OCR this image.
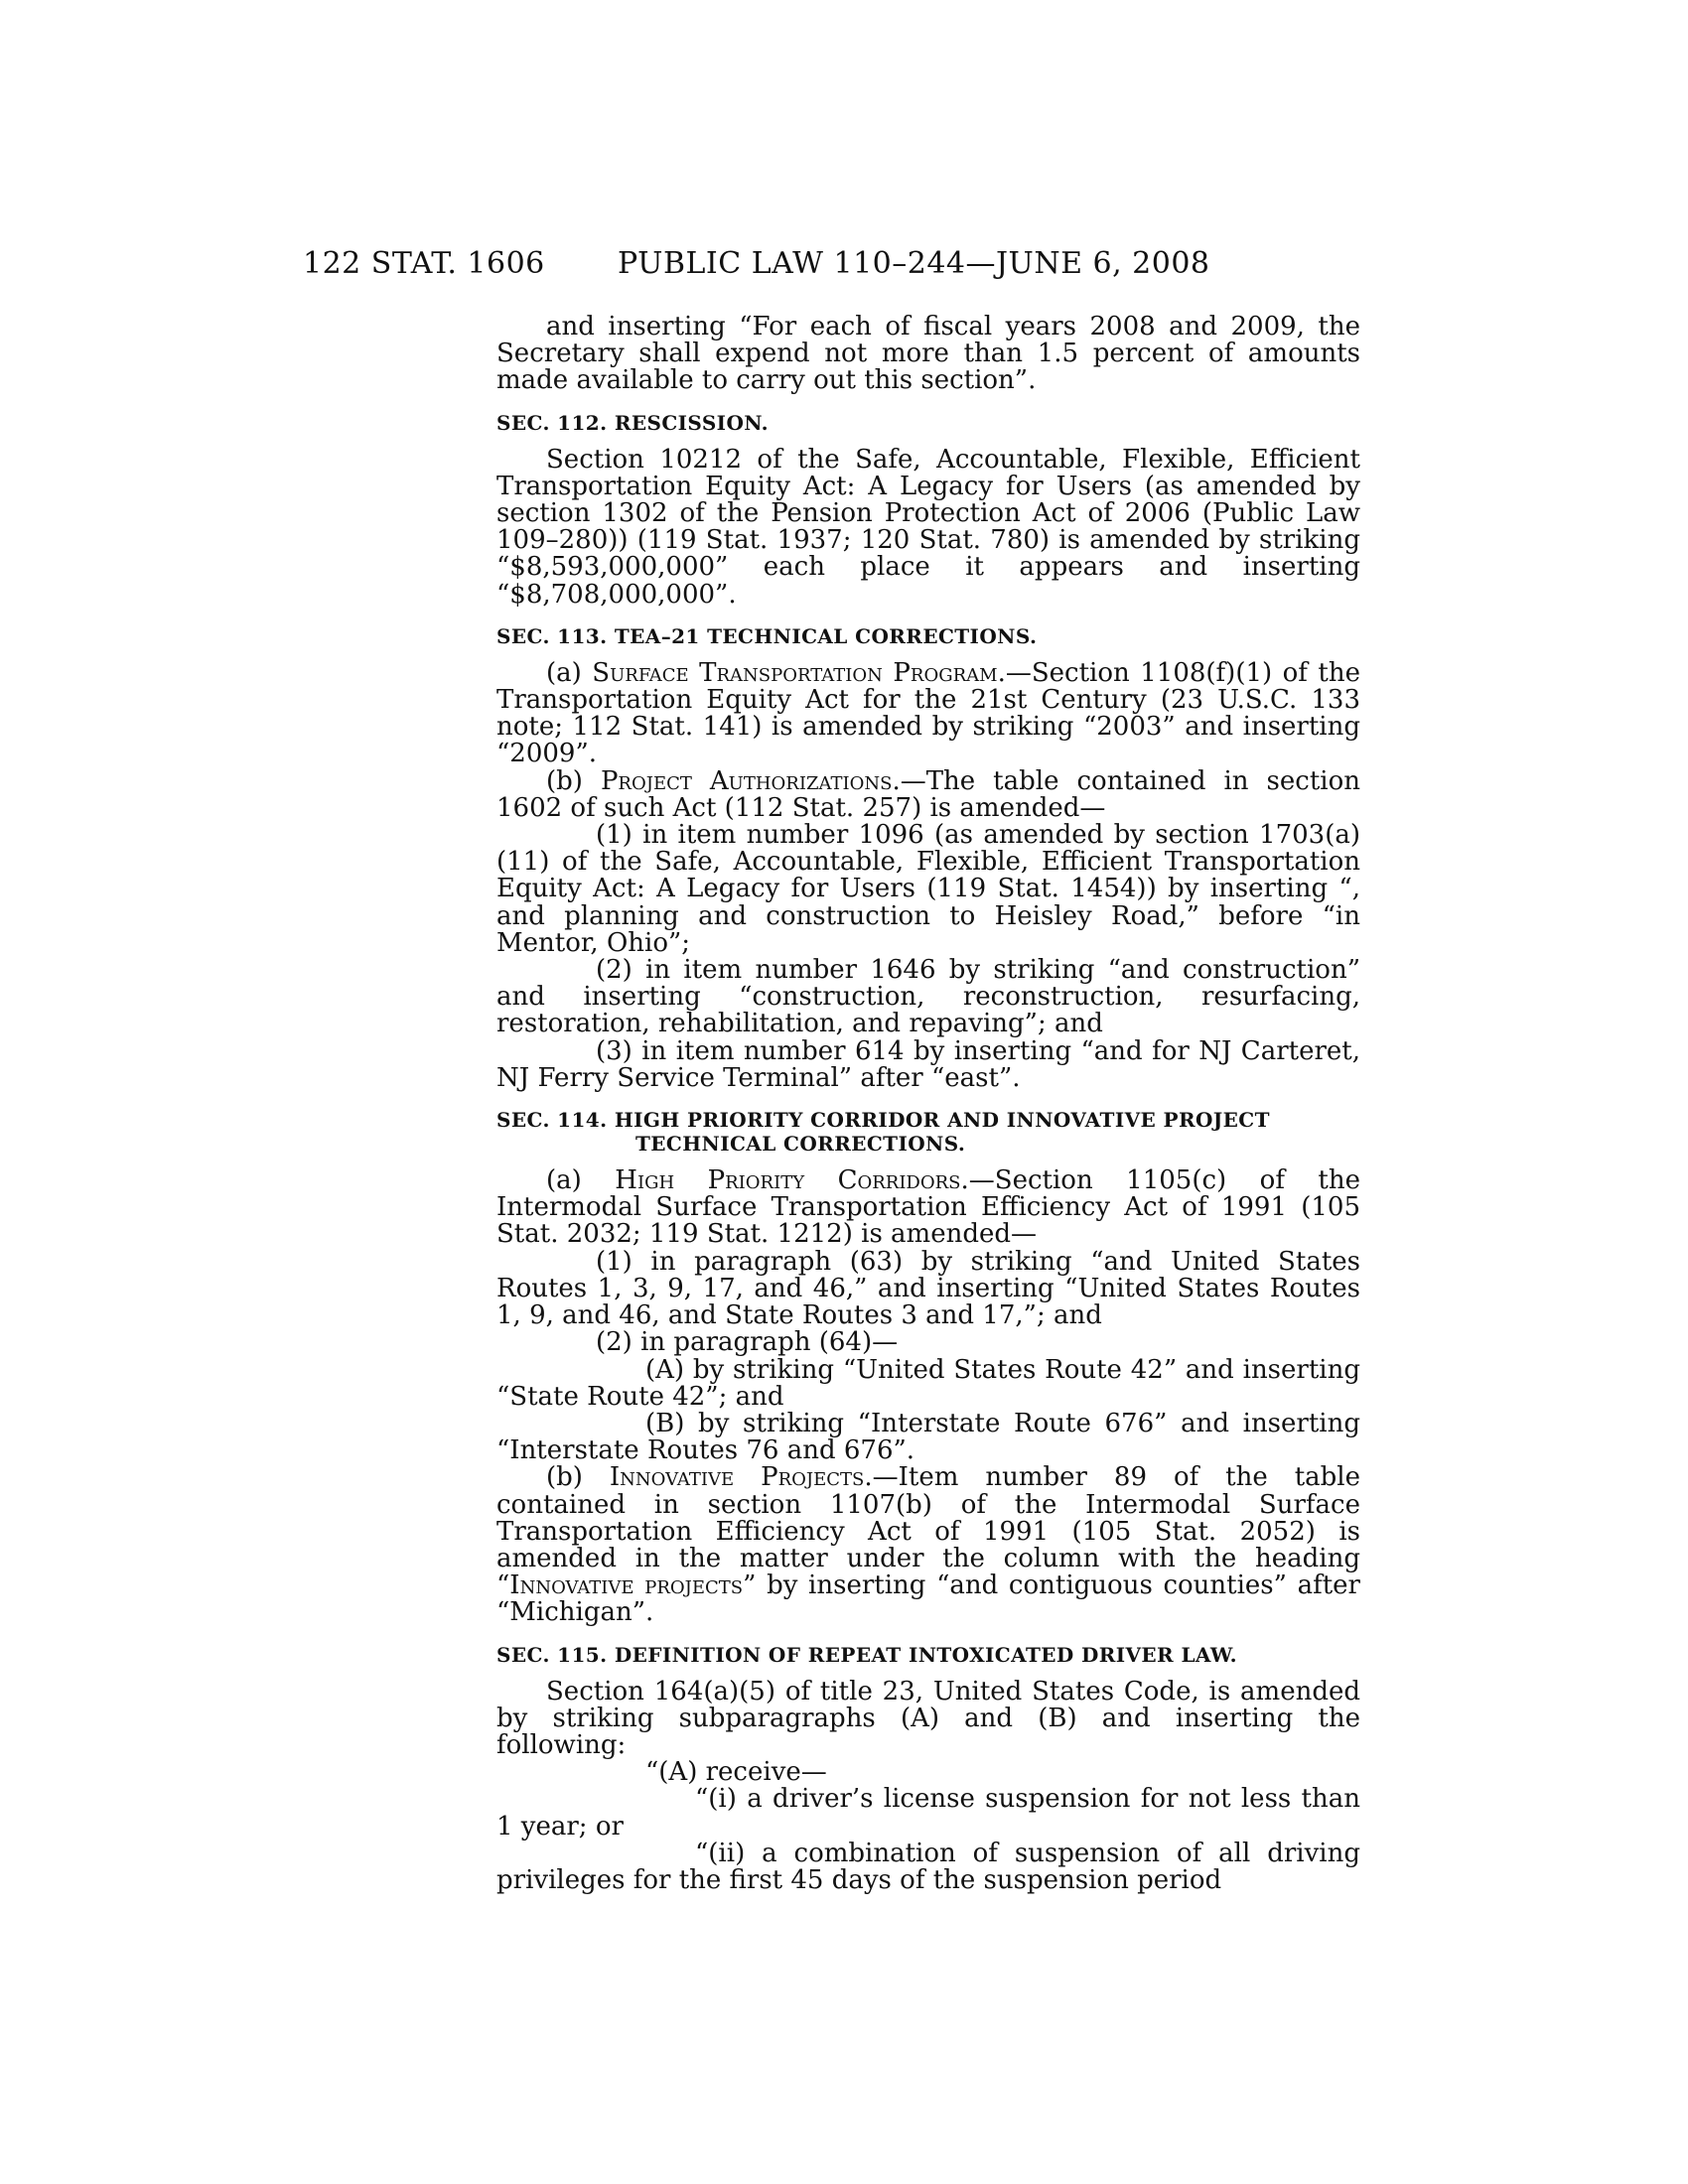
122 STAT. 1606 PUBLIC LAW 110–244—JUNE 6, 2008

and inserting “For each of fiscal years 2008 and 2009, the Secretary shall expend not more than 1.5 percent of amounts made available to carry out this section”.

SEC. 112. RESCISSION.

Section 10212 of the Safe, Accountable, Flexible, Efficient Transportation Equity Act: A Legacy for Users (as amended by section 1302 of the Pension Protection Act of 2006 (Public Law 109–280)) (119 Stat. 1937; 120 Stat. 780) is amended by striking “$8,593,000,000” each place it appears and inserting “$8,708,000,000”.

SEC. 113. TEA–21 TECHNICAL CORRECTIONS.

(a) Surface Transportation Program.—Section 1108(f)(1) of the Transportation Equity Act for the 21st Century (23 U.S.C. 133 note; 112 Stat. 141) is amended by striking “2003” and inserting “2009”.

(b) Project Authorizations.—The table contained in section 1602 of such Act (112 Stat. 257) is amended—

(1) in item number 1096 (as amended by section 1703(a)(11) of the Safe, Accountable, Flexible, Efficient Transportation Equity Act: A Legacy for Users (119 Stat. 1454)) by inserting “, and planning and construction to Heisley Road,” before “in Mentor, Ohio”;

(2) in item number 1646 by striking “and construction” and inserting “construction, reconstruction, resurfacing, restoration, rehabilitation, and repaving”; and

(3) in item number 614 by inserting “and for NJ Carteret, NJ Ferry Service Terminal” after “east”.

SEC. 114. HIGH PRIORITY CORRIDOR AND INNOVATIVE PROJECT
TECHNICAL CORRECTIONS.

(a) High Priority Corridors.—Section 1105(c) of the Intermodal Surface Transportation Efficiency Act of 1991 (105 Stat. 2032; 119 Stat. 1212) is amended—

(1) in paragraph (63) by striking “and United States Routes 1, 3, 9, 17, and 46,” and inserting “United States Routes 1, 9, and 46, and State Routes 3 and 17,”; and

(2) in paragraph (64)—

(A) by striking “United States Route 42” and inserting “State Route 42”; and

(B) by striking “Interstate Route 676” and inserting “Interstate Routes 76 and 676”.

(b) Innovative Projects.—Item number 89 of the table contained in section 1107(b) of the Intermodal Surface Transportation Efficiency Act of 1991 (105 Stat. 2052) is amended in the matter under the column with the heading “Innovative projects” by inserting “and contiguous counties” after “Michigan”.

SEC. 115. DEFINITION OF REPEAT INTOXICATED DRIVER LAW.

Section 164(a)(5) of title 23, United States Code, is amended by striking subparagraphs (A) and (B) and inserting the following:

“(A) receive—

“(i) a driver’s license suspension for not less than 1 year; or

“(ii) a combination of suspension of all driving privileges for the first 45 days of the suspension period
